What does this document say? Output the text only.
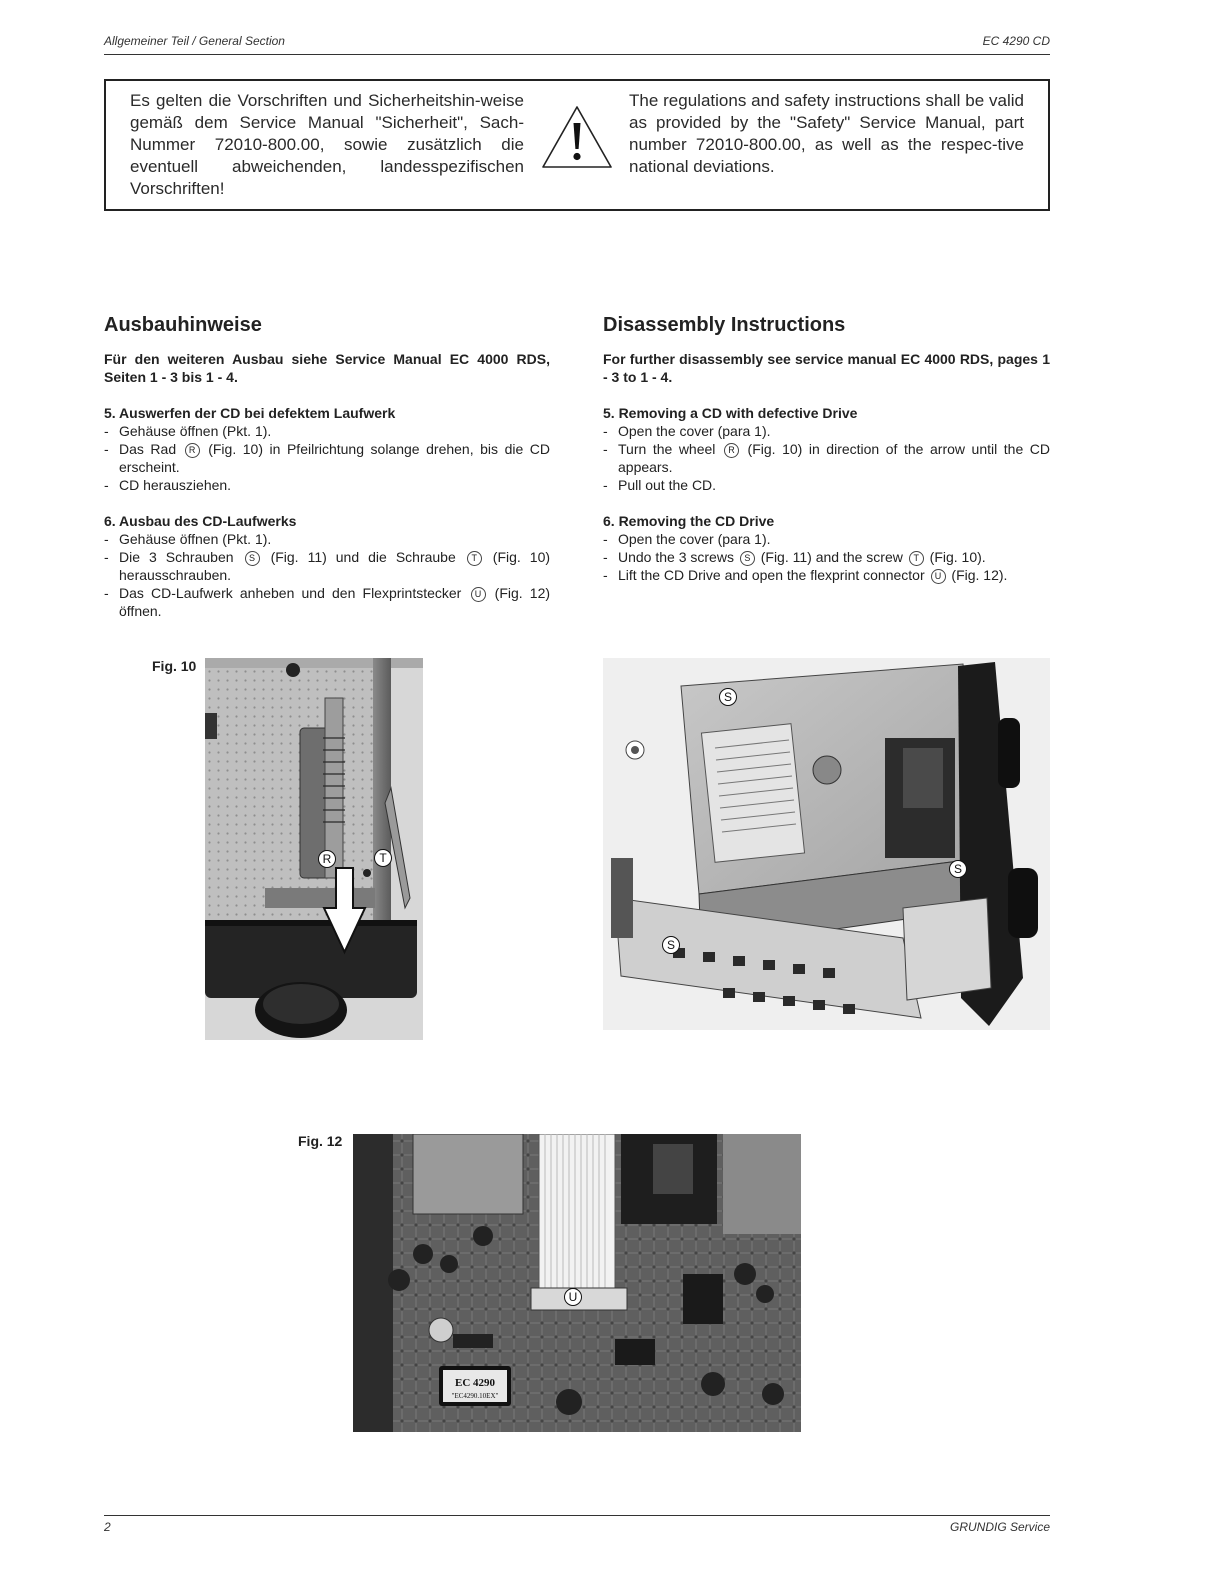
Allgemeiner Teil / General Section	EC 4290 CD
Es gelten die Vorschriften und Sicherheitshin-weise gemäß dem Service Manual "Sicherheit", Sach-Nummer 72010-800.00, sowie zusätzlich die eventuell abweichenden, landesspezifischen Vorschriften!
The regulations and safety instructions shall be valid as provided by the "Safety" Service Manual, part number 72010-800.00, as well as the respec-tive national deviations.
Ausbauhinweise	Disassembly Instructions

Für den weiteren Ausbau siehe Service Manual EC 4000 RDS, Seiten 1 - 3 bis 1 - 4.

5. Auswerfen der CD bei defektem Laufwerk

- Gehäuse öffnen (Pkt. 1).
- Das Rad R (Fig. 10) in Pfeilrichtung solange drehen, bis die CD erscheint.
- CD herausziehen.

6. Ausbau des CD-Laufwerks

- Gehäuse öffnen (Pkt. 1).
- Die 3 Schrauben S (Fig. 11) und die Schraube T (Fig. 10) herausschrauben.
- Das CD-Laufwerk anheben und den Flexprintstecker U (Fig. 12) öffnen.

For further disassembly see service manual EC 4000 RDS, pages 1 - 3 to 1 - 4.

5. Removing a CD with defective Drive

- Open the cover (para 1).
- Turn the wheel R (Fig. 10) in direction of the arrow until the CD appears.
- Pull out the CD.

6. Removing the CD Drive

- Open the cover (para 1).
- Undo the 3 screws S (Fig. 11) and the screw T (Fig. 10).
- Lift the CD Drive and open the flexprint connector U (Fig. 12).
Fig. 10
R	T
S
S
S
Fig. 12
EC 4290
"EC4290.10EX"
U
2	GRUNDIG Service
